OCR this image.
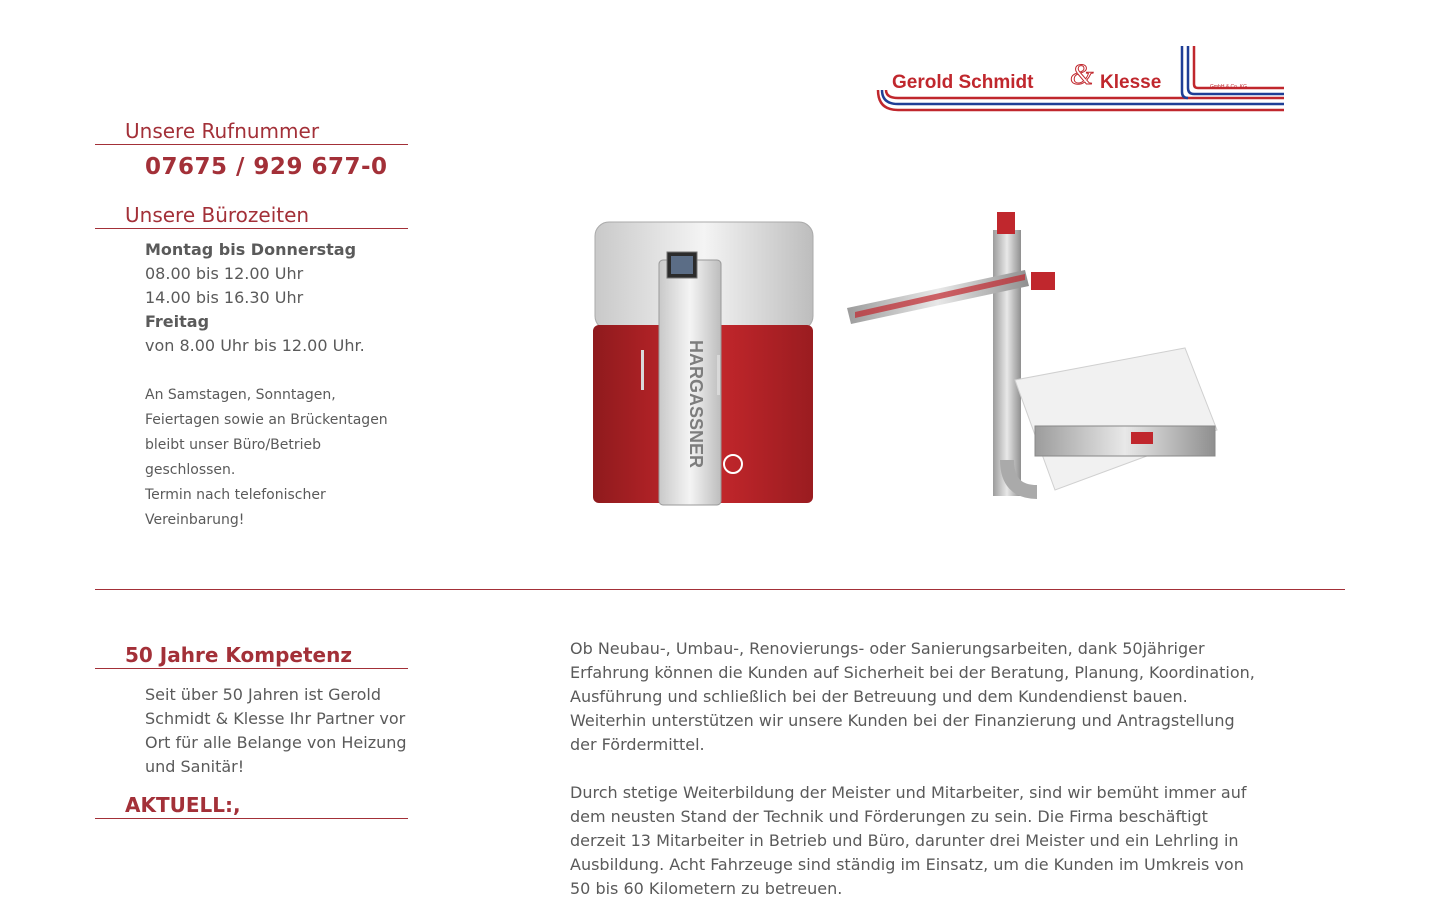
Gerold Schmidt & Klesse	GmbH & Co. KG
Unsere Rufnummer
07675 / 929 677-0
Unsere Bürozeiten
Montag bis Donnerstag
08.00 bis 12.00 Uhr
14.00 bis 16.30 Uhr
Freitag
von 8.00 Uhr bis 12.00 Uhr.
An Samstagen, Sonntagen,
Feiertagen sowie an Brückentagen
bleibt unser Büro/Betrieb
geschlossen.
Termin nach telefonischer
Vereinbarung!
HARGASSNER
50 Jahre Kompetenz
Seit über 50 Jahren ist Gerold Schmidt & Klesse Ihr Partner vor Ort für alle Belange von Heizung und Sanitär!
AKTUELL:,

Ob Neubau-, Umbau-, Renovierungs- oder Sanierungsarbeiten, dank 50jähriger Erfahrung können die Kunden auf Sicherheit bei der Beratung, Planung, Koordination, Ausführung und schließlich bei der Betreuung und dem Kundendienst bauen. Weiterhin unterstützen wir unsere Kunden bei der Finanzierung und Antragstellung der Fördermittel.

Durch stetige Weiterbildung der Meister und Mitarbeiter, sind wir bemüht immer auf dem neusten Stand der Technik und Förderungen zu sein. Die Firma beschäftigt derzeit 13 Mitarbeiter in Betrieb und Büro, darunter drei Meister und ein Lehrling in Ausbildung. Acht Fahrzeuge sind ständig im Einsatz, um die Kunden im Umkreis von 50 bis 60 Kilometern zu betreuen.
